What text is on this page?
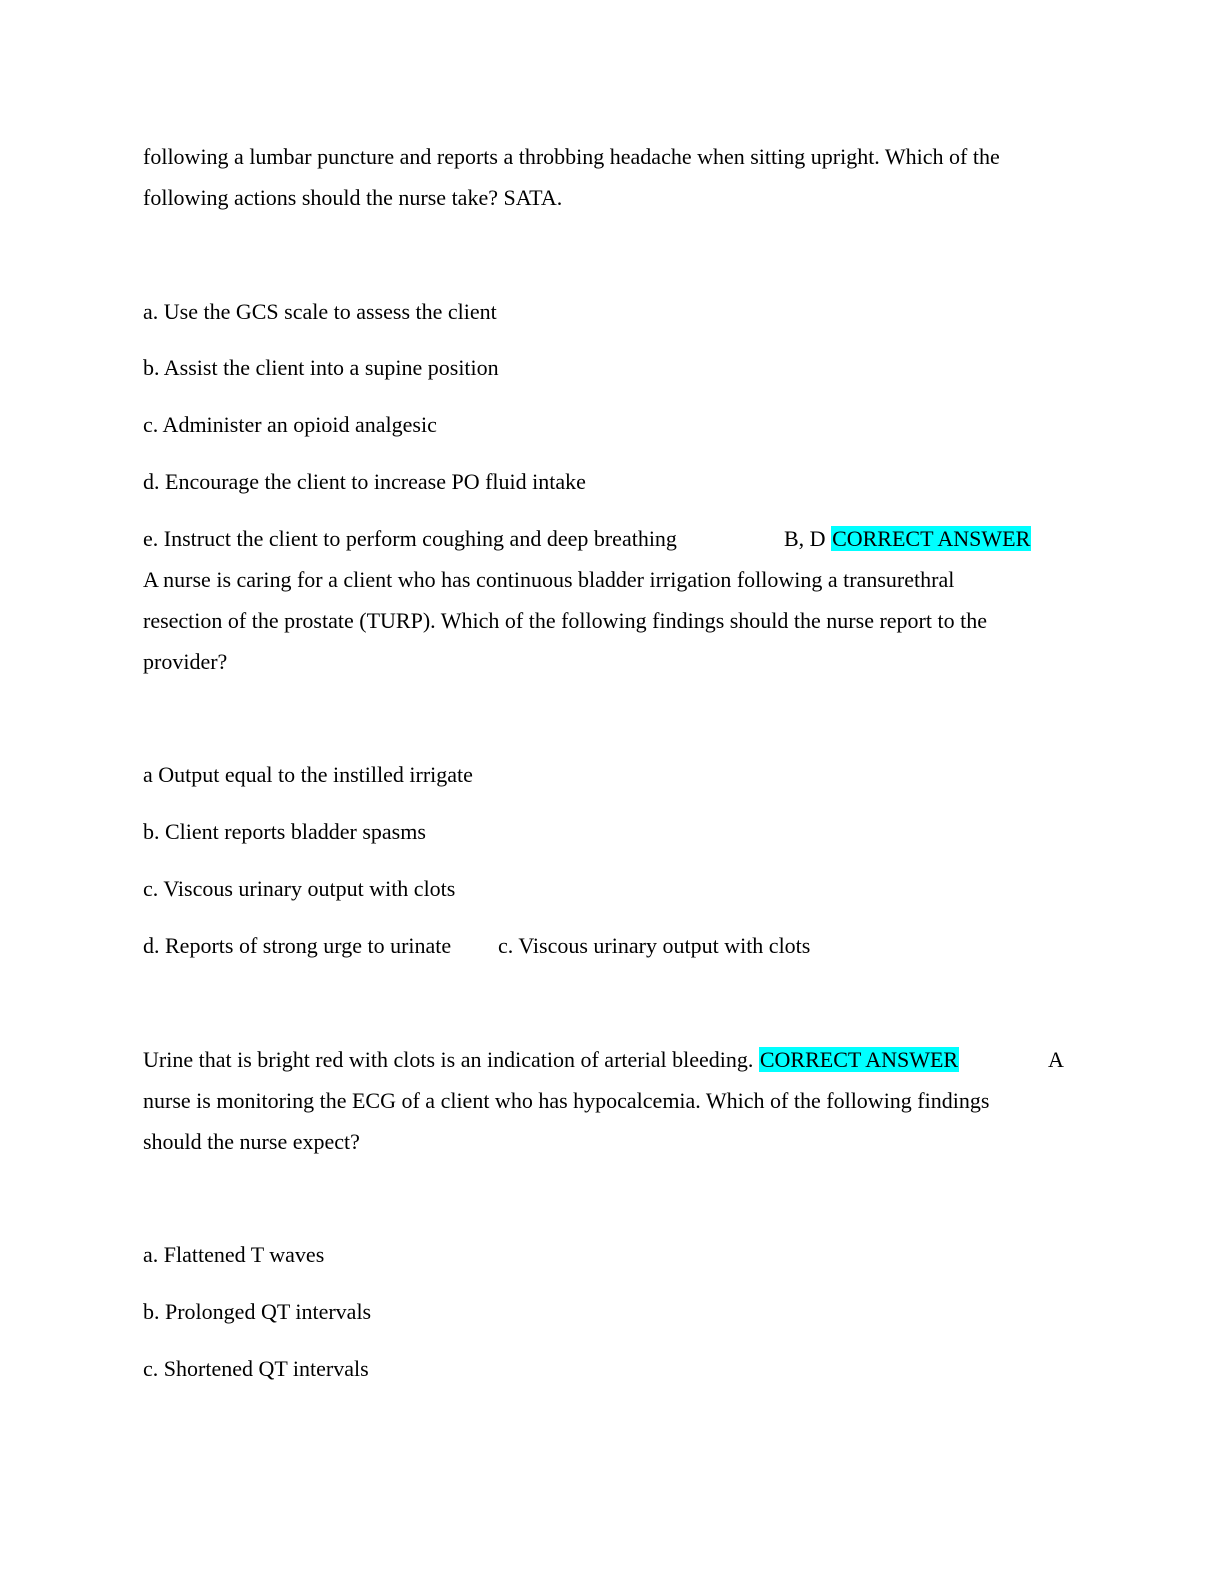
following a lumbar puncture and reports a throbbing headache when sitting upright. Which of the
following actions should the nurse take? SATA.
a. Use the GCS scale to assess the client
b. Assist the client into a supine position
c. Administer an opioid analgesic
d. Encourage the client to increase PO fluid intake
e. Instruct the client to perform coughing and deep breathing	B, D CORRECT ANSWER
A nurse is caring for a client who has continuous bladder irrigation following a transurethral
resection of the prostate (TURP). Which of the following findings should the nurse report to the
provider?
a Output equal to the instilled irrigate
b. Client reports bladder spasms
c. Viscous urinary output with clots
d. Reports of strong urge to urinate c. Viscous urinary output with clots
Urine that is bright red with clots is an indication of arterial bleeding. CORRECT ANSWER	A
nurse is monitoring the ECG of a client who has hypocalcemia. Which of the following findings
should the nurse expect?
a. Flattened T waves
b. Prolonged QT intervals
c. Shortened QT intervals
